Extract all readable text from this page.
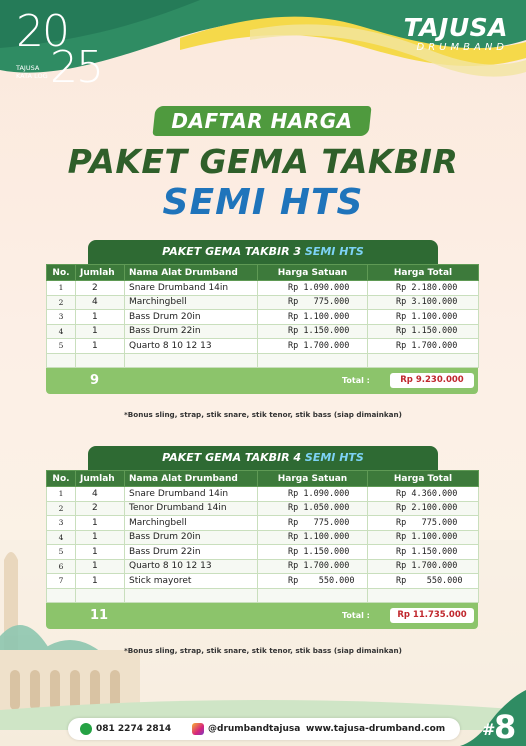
20
25
TAJUSA KATA LOG
TAJUSA
DRUMBAND
DAFTAR HARGA
PAKET GEMA TAKBIR
SEMI HTS
PAKET GEMA TAKBIR 3 SEMI HTS
No.	Jumlah	Nama Alat Drumband	Harga Satuan	Harga Total
1	2	Snare Drumband 14in	Rp 1.090.000	Rp 2.180.000
2	4	Marchingbell	Rp   775.000	Rp 3.100.000
3	1	Bass Drum 20in	Rp 1.100.000	Rp 1.100.000
4	1	Bass Drum 22in	Rp 1.150.000	Rp 1.150.000
5	1	Quarto 8 10 12 13	Rp 1.700.000	Rp 1.700.000

9	Total :	Rp 9.230.000
*Bonus sling, strap, stik snare, stik tenor, stik bass (siap dimainkan)
PAKET GEMA TAKBIR 4 SEMI HTS
No.	Jumlah	Nama Alat Drumband	Harga Satuan	Harga Total
1	4	Snare Drumband 14in	Rp 1.090.000	Rp 4.360.000
2	2	Tenor Drumband 14in	Rp 1.050.000	Rp 2.100.000
3	1	Marchingbell	Rp   775.000	Rp   775.000
4	1	Bass Drum 20in	Rp 1.100.000	Rp 1.100.000
5	1	Bass Drum 22in	Rp 1.150.000	Rp 1.150.000
6	1	Quarto 8 10 12 13	Rp 1.700.000	Rp 1.700.000
7	1	Stick mayoret	Rp    550.000	Rp    550.000

11	Total :	Rp 11.735.000
*Bonus sling, strap, stik snare, stik tenor, stik bass (siap dimainkan)
081 2274 2814	@drumbandtajusa www.tajusa-drumband.com #
8
